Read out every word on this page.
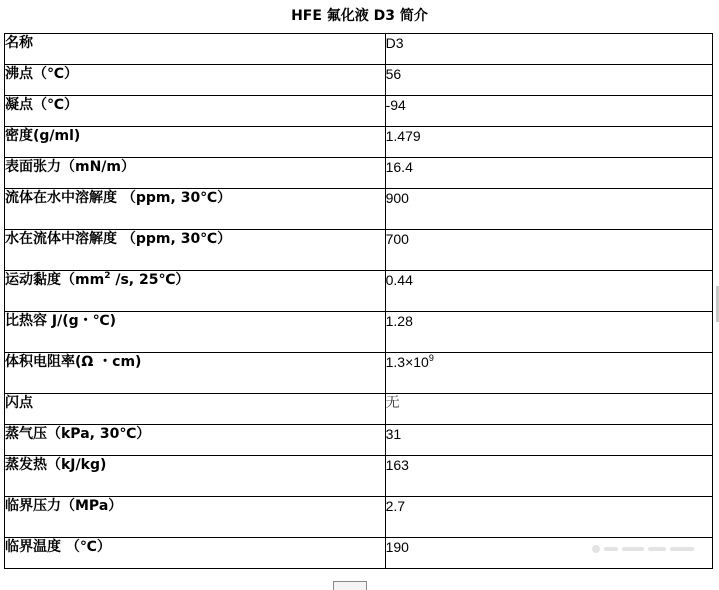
HFE 氟化液 D3 简介
名称	D3
沸点（℃）	56
凝点（℃）	-94
密度(g/ml)	1.479
表面张力（mN/m）	16.4
流体在水中溶解度 （ppm, 30℃）	900
水在流体中溶解度 （ppm, 30℃）	700
运动黏度（$mm^2$ /s, 25℃）	0.44
比热容 J/(g・℃)	1.28
体积电阻率(Ω ・cm)	$1.3\times 10^9$
闪点	无
蒸气压（kPa, 30℃）	31
蒸发热（kJ/kg)	163
临界压力（MPa）	2.7
临界温度 （℃）	190
